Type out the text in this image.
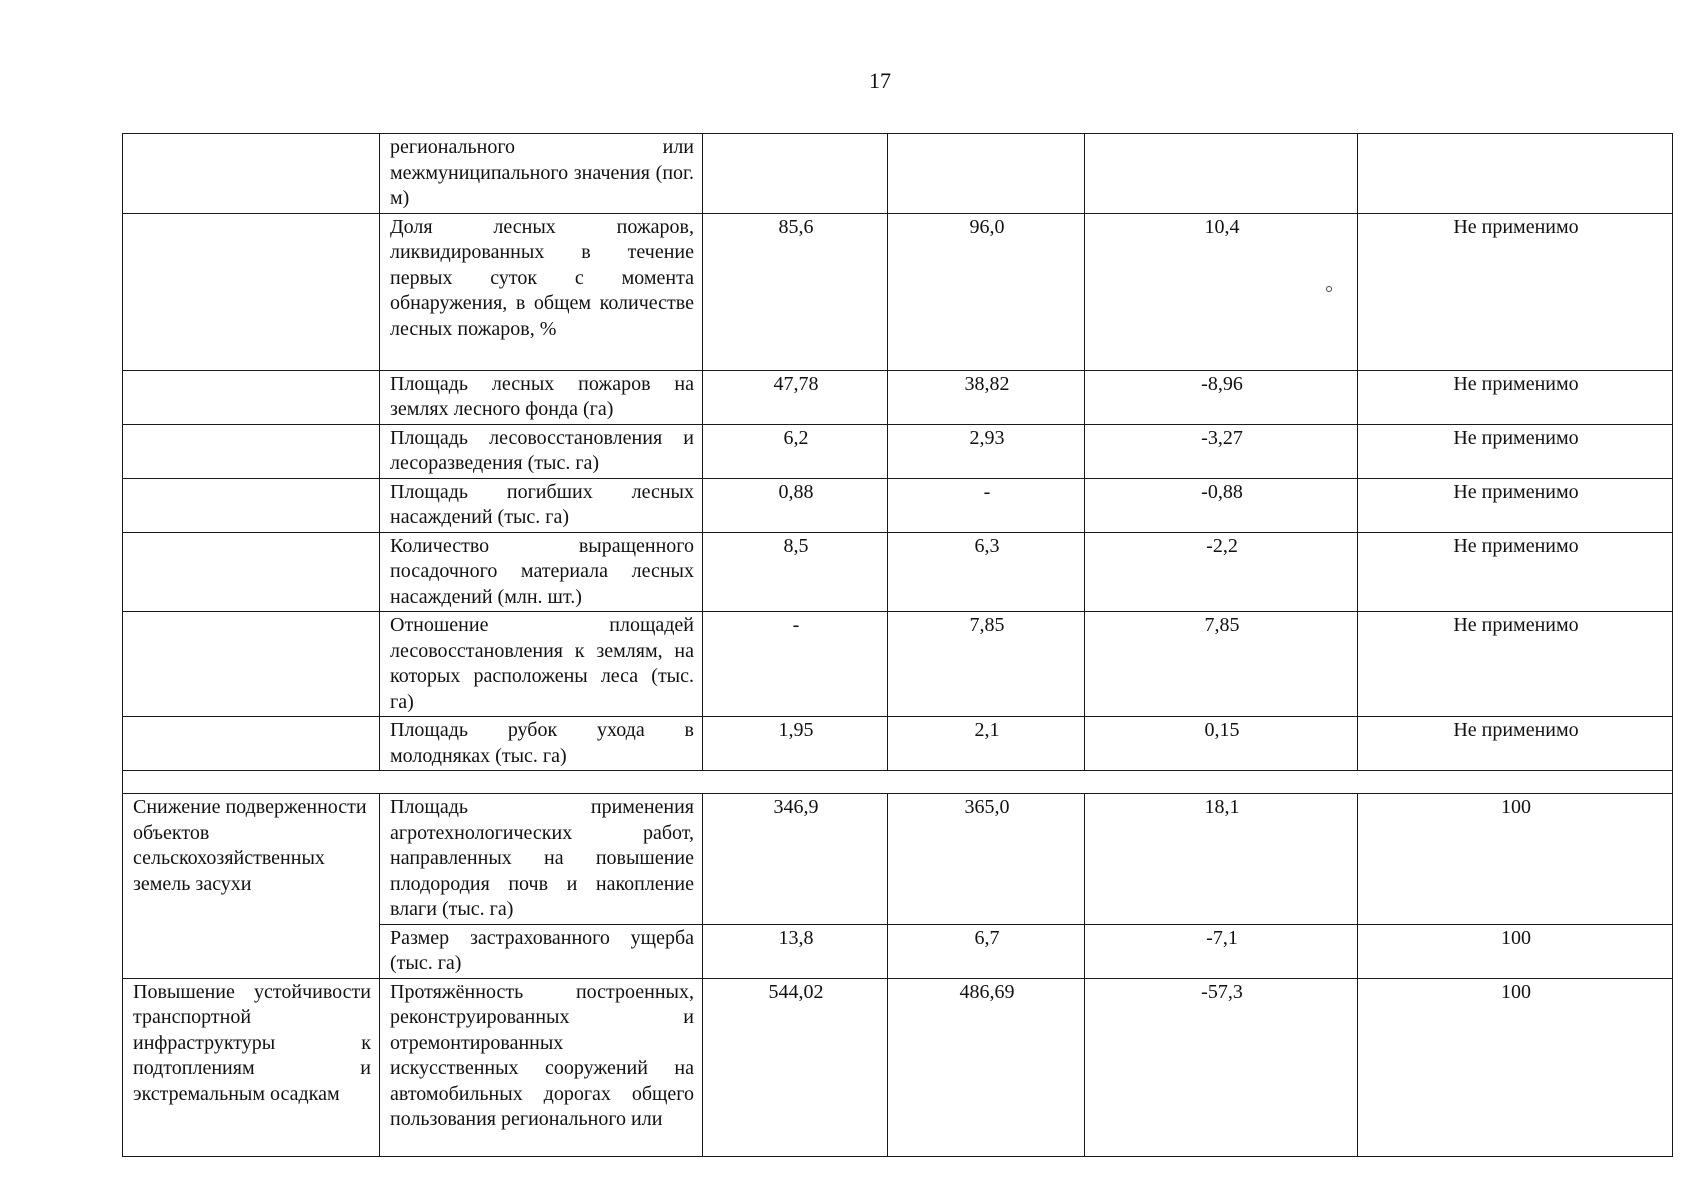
17
	регионального или межмуниципального значения (пог. м)				
	Доля лесных пожаров, ликвидированных в течение первых суток с момента обнаружения, в общем количестве лесных пожаров, %	85,6	96,0	10,4	Не применимо
	Площадь лесных пожаров на землях лесного фонда (га)	47,78	38,82	-8,96	Не применимо
	Площадь лесовосстановления и лесоразведения (тыс. га)	6,2	2,93	-3,27	Не применимо
	Площадь погибших лесных насаждений (тыс. га)	0,88	-	-0,88	Не применимо
	Количество выращенного посадочного материала лесных насаждений (млн. шт.)	8,5	6,3	-2,2	Не применимо
	Отношение площадей лесовосстановления к землям, на которых расположены леса (тыс. га)	-	7,85	7,85	Не применимо
	Площадь рубок ухода в молодняках (тыс. га)	1,95	2,1	0,15	Не применимо

Снижение подверженности объектов сельскохозяйственных земель засухи	Площадь применения агротехнологических работ, направленных на повышение плодородия почв и накопление влаги (тыс. га)	346,9	365,0	18,1	100
	Размер застрахованного ущерба (тыс. га)	13,8	6,7	-7,1	100
Повышение устойчивости транспортной инфраструктуры к подтоплениям и экстремальным осадкам	Протяжённость построенных, реконструированных и отремонтированных искусственных сооружений на автомобильных дорогах общего пользования регионального или	544,02	486,69	-57,3	100
